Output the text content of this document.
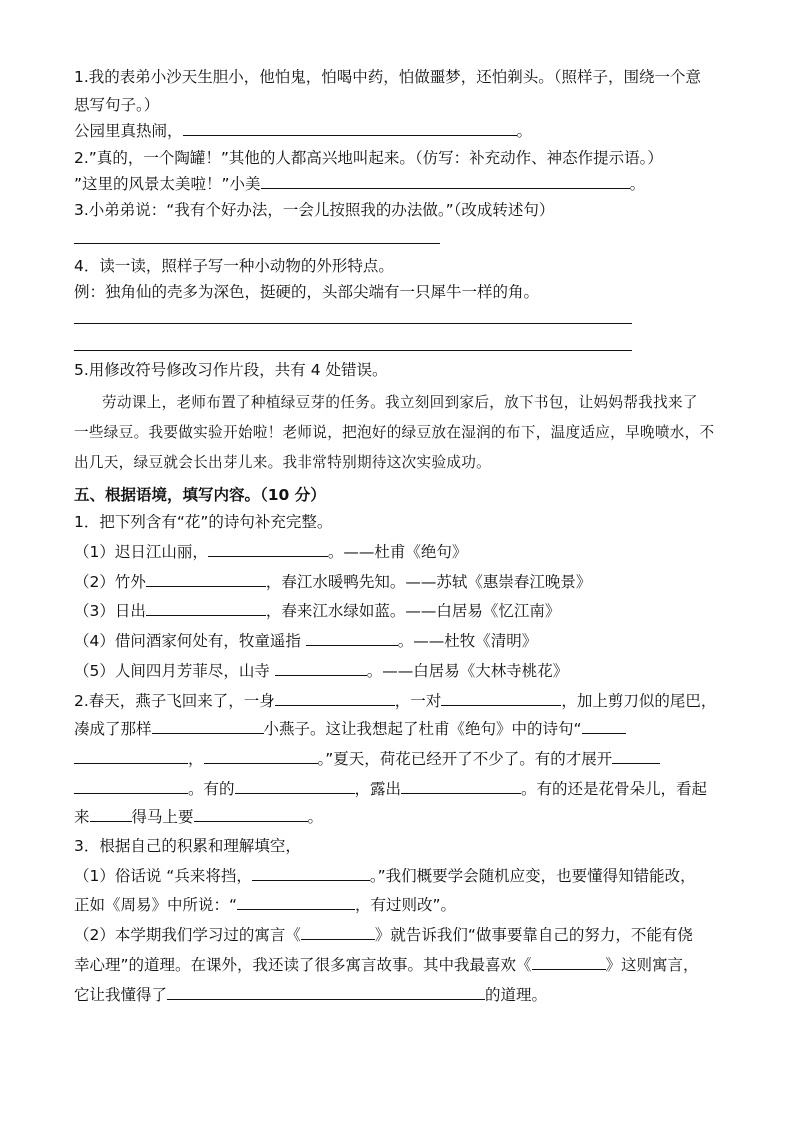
1.我的表弟小沙天生胆小，他怕鬼，怕喝中药，怕做噩梦，还怕剃头。（照样子，围绕一个意
思写句子。）
公园里真热闹，	。
2.”真的，一个陶罐！”其他的人都高兴地叫起来。（仿写：补充动作、神态作提示语。）
”这里的风景太美啦！”小美	。
3.小弟弟说：“我有个好办法，一会儿按照我的办法做。”（改成转述句）
4．读一读，照样子写一种小动物的外形特点。
例：独角仙的壳多为深色，挺硬的，头部尖端有一只犀牛一样的角。
5.用修改符号修改习作片段，共有 4 处错误。
劳动课上，老师布置了种植绿豆芽的任务。我立刻回到家后，放下书包，让妈妈帮我找来了
一些绿豆。我要做实验开始啦！老师说，把泡好的绿豆放在湿润的布下，温度适应，早晚喷水，不
出几天，绿豆就会长出芽儿来。我非常特别期待这次实验成功。
五、根据语境，填写内容。（10 分）
1．把下列含有“花”的诗句补充完整。
（1）迟日江山丽，	。——杜甫《绝句》
（2）竹外	，春江水暖鸭先知。——苏轼《惠崇春江晚景》
（3）日出	，春来江水绿如蓝。——白居易《忆江南》
（4）借问酒家何处有，牧童遥指	。——杜牧《清明》
（5）人间四月芳菲尽，山寺	。——白居易《大林寺桃花》
2.春天，燕子飞回来了，一身	，一对	，加上剪刀似的尾巴，
凑成了那样	小燕子。这让我想起了杜甫《绝句》中的诗句“
，	。”夏天，荷花已经开了不少了。有的才展开
。有的	，露出	。有的还是花骨朵儿，看起
来	得马上要	。
3．根据自己的积累和理解填空，
（1）俗话说 “兵来将挡，	。”我们概要学会随机应变，也要懂得知错能改，
正如《周易》中所说：“	，有过则改”。
（2）本学期我们学习过的寓言《	》就告诉我们“做事要靠自己的努力，不能有侥
幸心理”的道理。在课外，我还读了很多寓言故事。其中我最喜欢《	》这则寓言，
它让我懂得了	的道理。
